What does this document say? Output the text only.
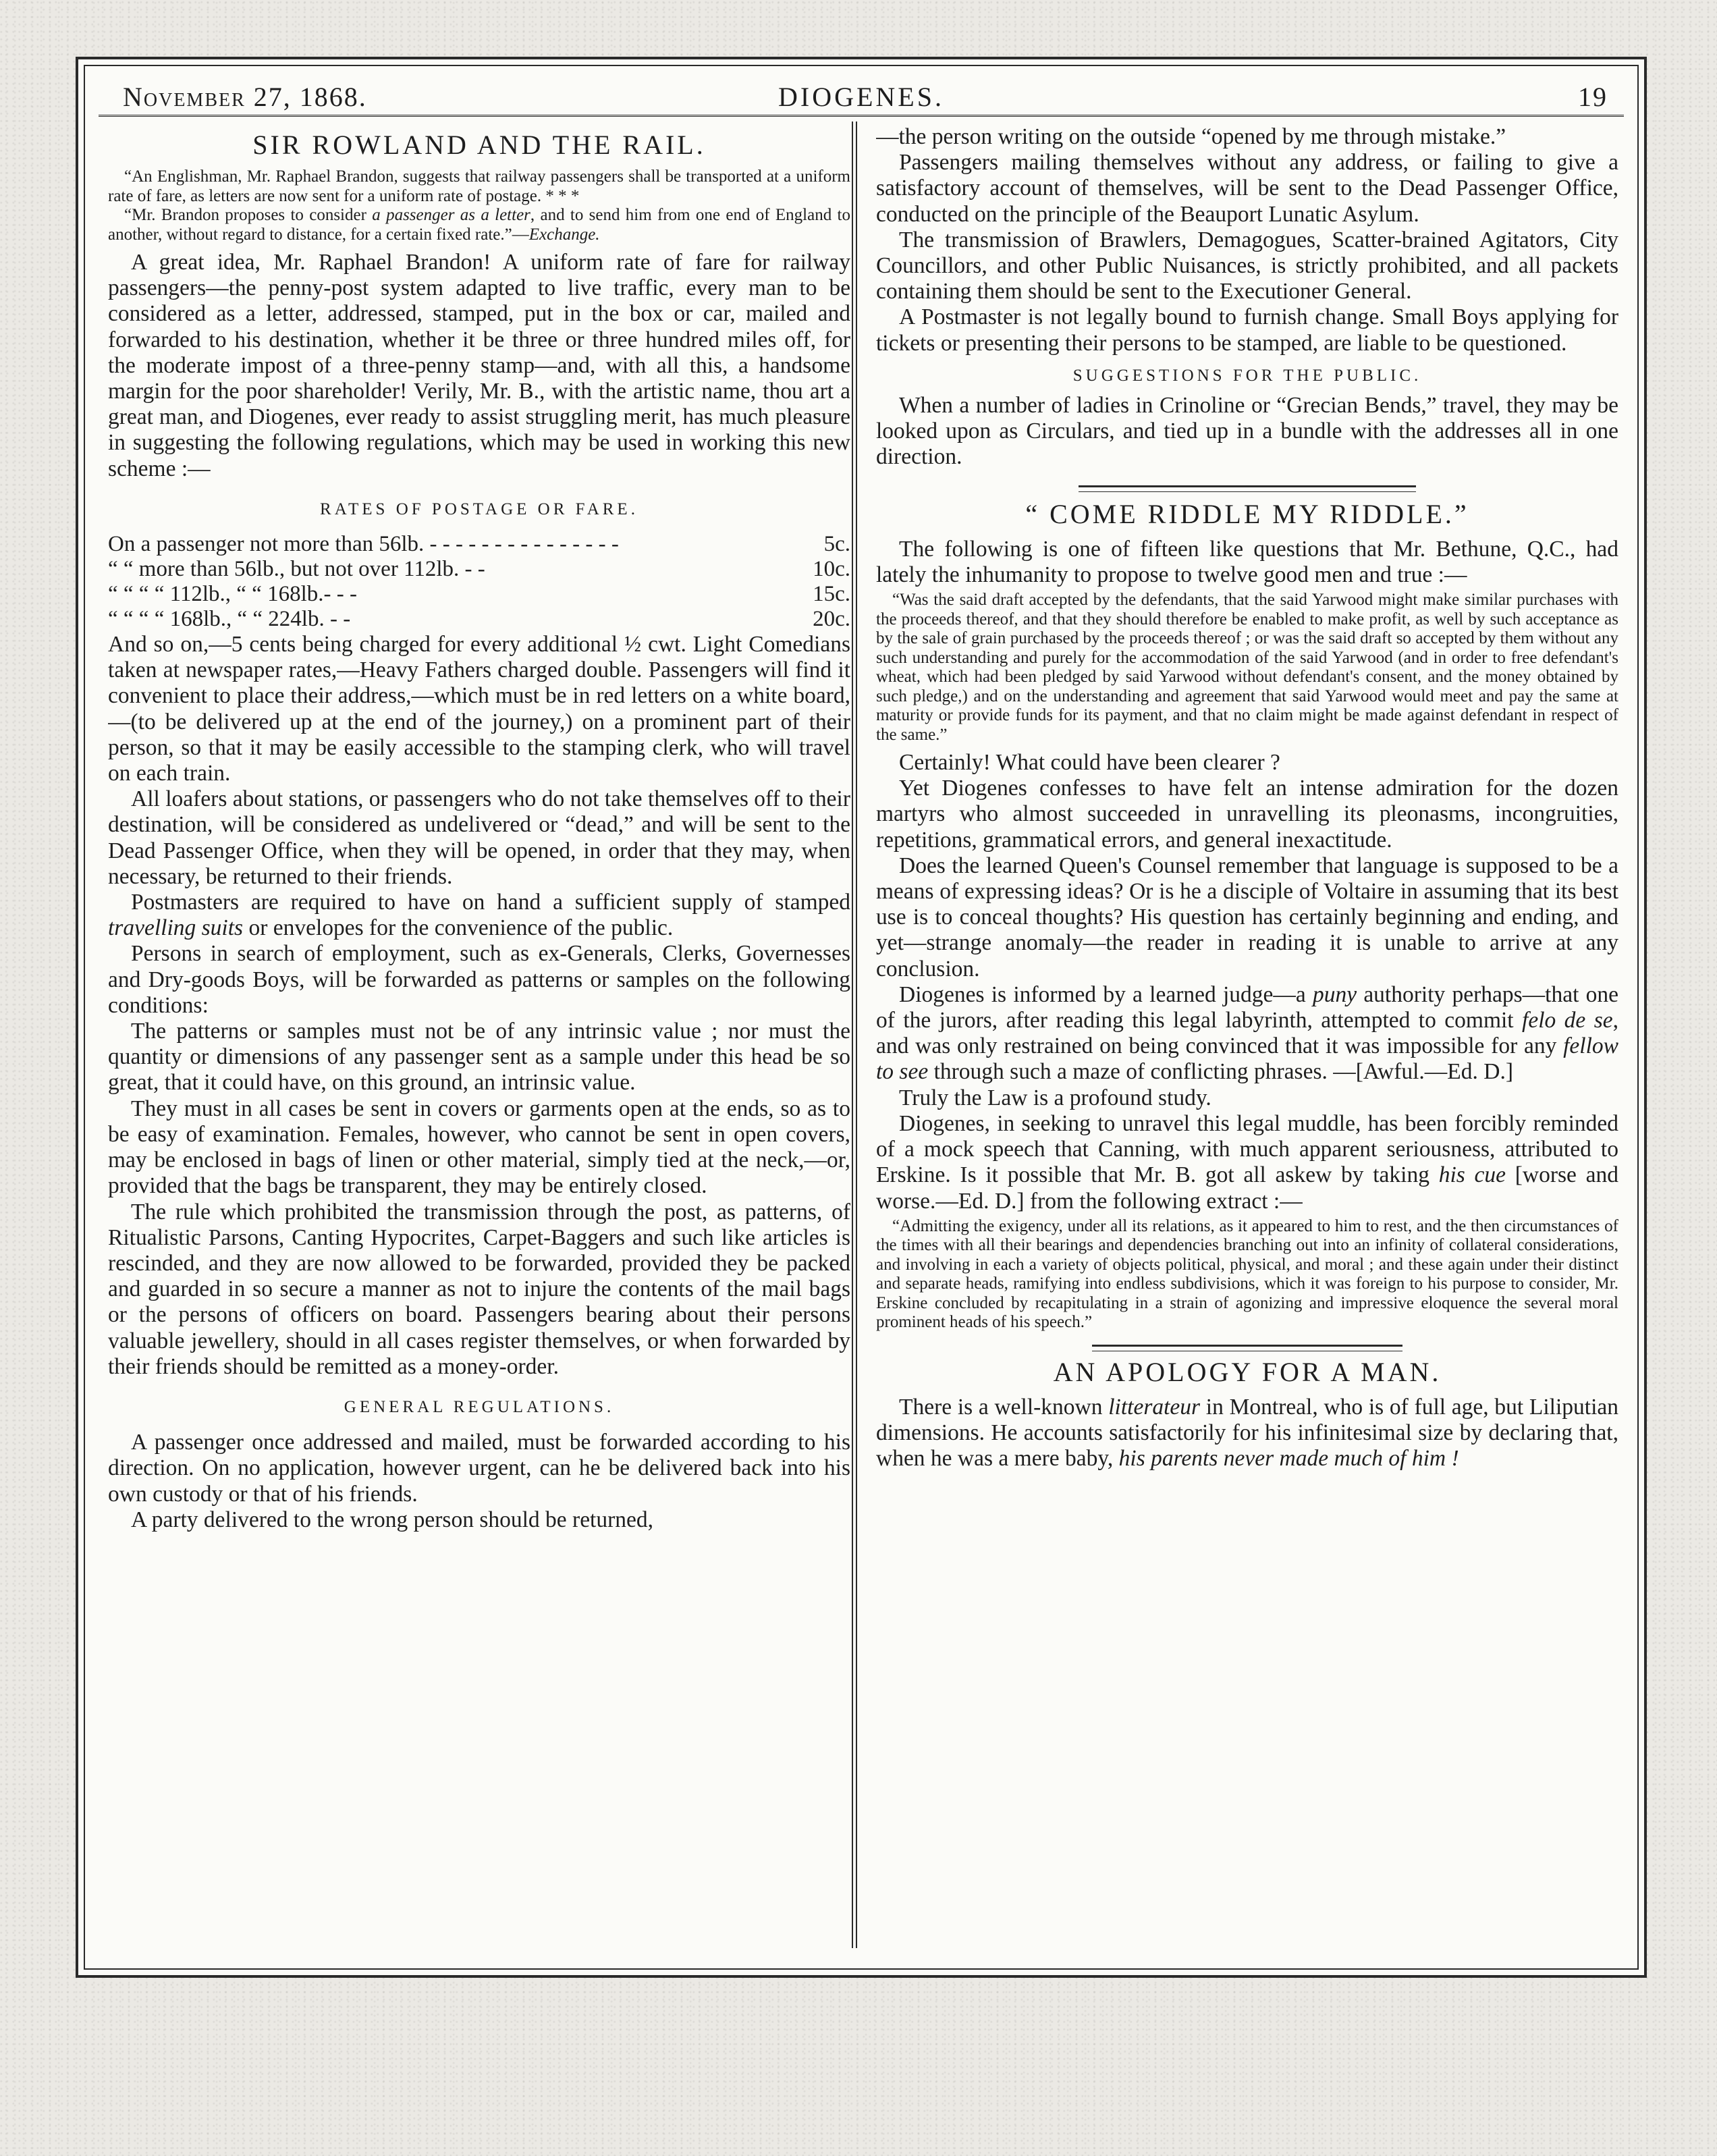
November 27, 1868.	DIOGENES.	19
SIR ROWLAND AND THE RAIL.

“An Englishman, Mr. Raphael Brandon, suggests that railway passengers shall be transported at a uniform rate of fare, as letters are now sent for a uniform rate of postage. * * *

“Mr. Brandon proposes to consider a passenger as a letter, and to send him from one end of England to another, without regard to distance, for a certain fixed rate.”—Exchange.

A great idea, Mr. Raphael Brandon! A uniform rate of fare for railway passengers—the penny-post system adapted to live traffic, every man to be considered as a letter, addressed, stamped, put in the box or car, mailed and forwarded to his destination, whether it be three or three hundred miles off, for the moderate impost of a three-penny stamp—and, with all this, a handsome margin for the poor shareholder! Verily, Mr. B., with the artistic name, thou art a great man, and Diogenes, ever ready to assist struggling merit, has much pleasure in suggesting the following regulations, which may be used in working this new scheme :—

RATES OF POSTAGE OR FARE.
On a passenger not more than 56lb. - - - - - - - - - - - - - - -	5c.
“ “ more than 56lb., but not over 112lb. - -	10c.
“ “ “ “ 112lb., “ “ 168lb.- - -	15c.
“ “ “ “ 168lb., “ “ 224lb. - -	20c.

And so on,—5 cents being charged for every additional ½ cwt. Light Comedians taken at newspaper rates,—Heavy Fathers charged double. Passengers will find it convenient to place their address,—which must be in red letters on a white board,—(to be delivered up at the end of the journey,) on a prominent part of their person, so that it may be easily accessible to the stamping clerk, who will travel on each train.

All loafers about stations, or passengers who do not take themselves off to their destination, will be considered as undelivered or “dead,” and will be sent to the Dead Passenger Office, when they will be opened, in order that they may, when necessary, be returned to their friends.

Postmasters are required to have on hand a sufficient supply of stamped travelling suits or envelopes for the convenience of the public.

Persons in search of employment, such as ex-Generals, Clerks, Governesses and Dry-goods Boys, will be forwarded as patterns or samples on the following conditions:

The patterns or samples must not be of any intrinsic value ; nor must the quantity or dimensions of any passenger sent as a sample under this head be so great, that it could have, on this ground, an intrinsic value.

They must in all cases be sent in covers or garments open at the ends, so as to be easy of examination. Females, however, who cannot be sent in open covers, may be enclosed in bags of linen or other material, simply tied at the neck,—or, provided that the bags be transparent, they may be entirely closed.

The rule which prohibited the transmission through the post, as patterns, of Ritualistic Parsons, Canting Hypocrites, Carpet-Baggers and such like articles is rescinded, and they are now allowed to be forwarded, provided they be packed and guarded in so secure a manner as not to injure the contents of the mail bags or the persons of officers on board. Passengers bearing about their persons valuable jewellery, should in all cases register themselves, or when forwarded by their friends should be remitted as a money-order.

GENERAL REGULATIONS.

A passenger once addressed and mailed, must be forwarded according to his direction. On no application, however urgent, can he be delivered back into his own custody or that of his friends.

A party delivered to the wrong person should be returned,

—the person writing on the outside “opened by me through mistake.”

Passengers mailing themselves without any address, or failing to give a satisfactory account of themselves, will be sent to the Dead Passenger Office, conducted on the principle of the Beauport Lunatic Asylum.

The transmission of Brawlers, Demagogues, Scatter-brained Agitators, City Councillors, and other Public Nuisances, is strictly prohibited, and all packets containing them should be sent to the Executioner General.

A Postmaster is not legally bound to furnish change. Small Boys applying for tickets or presenting their persons to be stamped, are liable to be questioned.

SUGGESTIONS FOR THE PUBLIC.

When a number of ladies in Crinoline or “Grecian Bends,” travel, they may be looked upon as Circulars, and tied up in a bundle with the addresses all in one direction.

“ COME RIDDLE MY RIDDLE.”

The following is one of fifteen like questions that Mr. Bethune, Q.C., had lately the inhumanity to propose to twelve good men and true :—

“Was the said draft accepted by the defendants, that the said Yarwood might make similar purchases with the proceeds thereof, and that they should therefore be enabled to make profit, as well by such acceptance as by the sale of grain purchased by the proceeds thereof ; or was the said draft so accepted by them without any such understanding and purely for the accommodation of the said Yarwood (and in order to free defendant's wheat, which had been pledged by said Yarwood without defendant's consent, and the money obtained by such pledge,) and on the understanding and agreement that said Yarwood would meet and pay the same at maturity or provide funds for its payment, and that no claim might be made against defendant in respect of the same.”

Certainly! What could have been clearer ?

Yet Diogenes confesses to have felt an intense admiration for the dozen martyrs who almost succeeded in unravelling its pleonasms, incongruities, repetitions, grammatical errors, and general inexactitude.

Does the learned Queen's Counsel remember that language is supposed to be a means of expressing ideas? Or is he a disciple of Voltaire in assuming that its best use is to conceal thoughts? His question has certainly beginning and ending, and yet—strange anomaly—the reader in reading it is unable to arrive at any conclusion.

Diogenes is informed by a learned judge—a puny authority perhaps—that one of the jurors, after reading this legal labyrinth, attempted to commit felo de se, and was only restrained on being convinced that it was impossible for any fellow to see through such a maze of conflicting phrases. —[Awful.—Ed. D.]

Truly the Law is a profound study.

Diogenes, in seeking to unravel this legal muddle, has been forcibly reminded of a mock speech that Canning, with much apparent seriousness, attributed to Erskine. Is it possible that Mr. B. got all askew by taking his cue [worse and worse.—Ed. D.] from the following extract :—

“Admitting the exigency, under all its relations, as it appeared to him to rest, and the then circumstances of the times with all their bearings and dependencies branching out into an infinity of collateral considerations, and involving in each a variety of objects political, physical, and moral ; and these again under their distinct and separate heads, ramifying into endless subdivisions, which it was foreign to his purpose to consider, Mr. Erskine concluded by recapitulating in a strain of agonizing and impressive eloquence the several moral prominent heads of his speech.”

AN APOLOGY FOR A MAN.

There is a well-known litterateur in Montreal, who is of full age, but Liliputian dimensions. He accounts satisfactorily for his infinitesimal size by declaring that, when he was a mere baby, his parents never made much of him !
